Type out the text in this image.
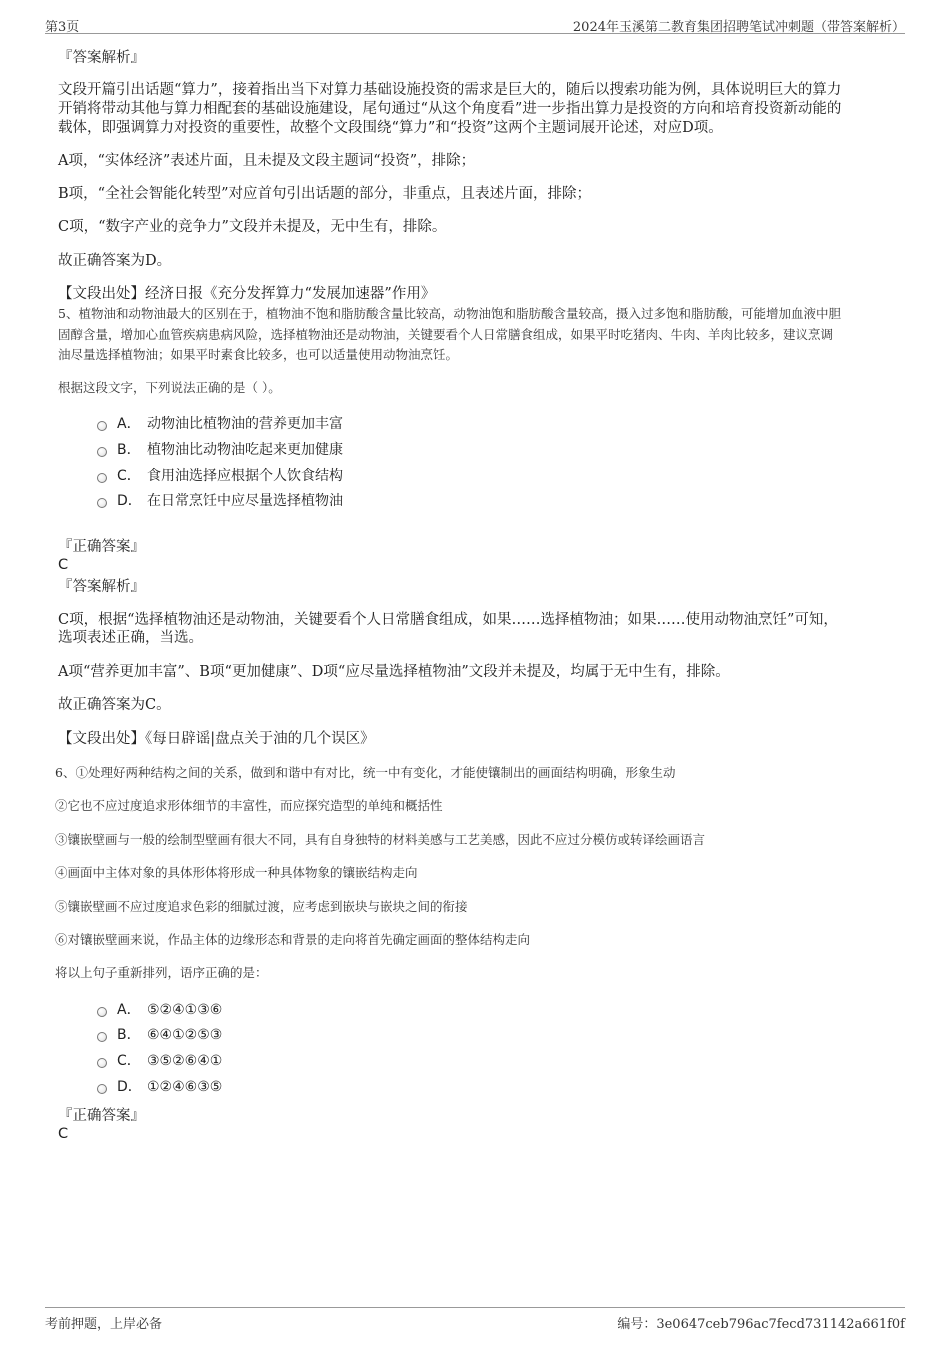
第3页	2024年玉溪第二教育集团招聘笔试冲刺题（带答案解析）
『答案解析』
文段开篇引出话题“算力”，接着指出当下对算力基础设施投资的需求是巨大的，随后以搜索功能为例，具体说明巨大的算力
开销将带动其他与算力相配套的基础设施建设，尾句通过“从这个角度看”进一步指出算力是投资的方向和培育投资新动能的
载体，即强调算力对投资的重要性，故整个文段围绕“算力”和“投资”这两个主题词展开论述，对应D项。
A项，“实体经济”表述片面，且未提及文段主题词“投资”，排除；
B项，“全社会智能化转型”对应首句引出话题的部分，非重点，且表述片面，排除；
C项，“数字产业的竞争力”文段并未提及，无中生有，排除。
故正确答案为D。
【文段出处】经济日报《充分发挥算力“发展加速器”作用》
5、植物油和动物油最大的区别在于，植物油不饱和脂肪酸含量比较高，动物油饱和脂肪酸含量较高，摄入过多饱和脂肪酸，可能增加血液中胆
固醇含量，增加心血管疾病患病风险，选择植物油还是动物油，关键要看个人日常膳食组成，如果平时吃猪肉、牛肉、羊肉比较多，建议烹调
油尽量选择植物油；如果平时素食比较多，也可以适量使用动物油烹饪。
根据这段文字，下列说法正确的是（ ）。
A． 动物油比植物油的营养更加丰富
B． 植物油比动物油吃起来更加健康
C． 食用油选择应根据个人饮食结构
D． 在日常烹饪中应尽量选择植物油
『正确答案』
C
『答案解析』
C项，根据“选择植物油还是动物油，关键要看个人日常膳食组成，如果……选择植物油；如果……使用动物油烹饪”可知，
选项表述正确，当选。
A项“营养更加丰富”、B项“更加健康”、D项“应尽量选择植物油”文段并未提及，均属于无中生有，排除。
故正确答案为C。
【文段出处】《每日辟谣|盘点关于油的几个误区》
6、①处理好两种结构之间的关系，做到和谐中有对比，统一中有变化，才能使镶制出的画面结构明确，形象生动
②它也不应过度追求形体细节的丰富性，而应探究造型的单纯和概括性
③镶嵌壁画与一般的绘制型壁画有很大不同，具有自身独特的材料美感与工艺美感，因此不应过分模仿或转译绘画语言
④画面中主体对象的具体形体将形成一种具体物象的镶嵌结构走向
⑤镶嵌壁画不应过度追求色彩的细腻过渡，应考虑到嵌块与嵌块之间的衔接
⑥对镶嵌壁画来说，作品主体的边缘形态和背景的走向将首先确定画面的整体结构走向
将以上句子重新排列，语序正确的是：
A． ⑤②④①③⑥
B． ⑥④①②⑤③
C． ③⑤②⑥④①
D． ①②④⑥③⑤
『正确答案』
C
考前押题，上岸必备	编号：3e0647ceb796ac7fecd731142a661f0f
